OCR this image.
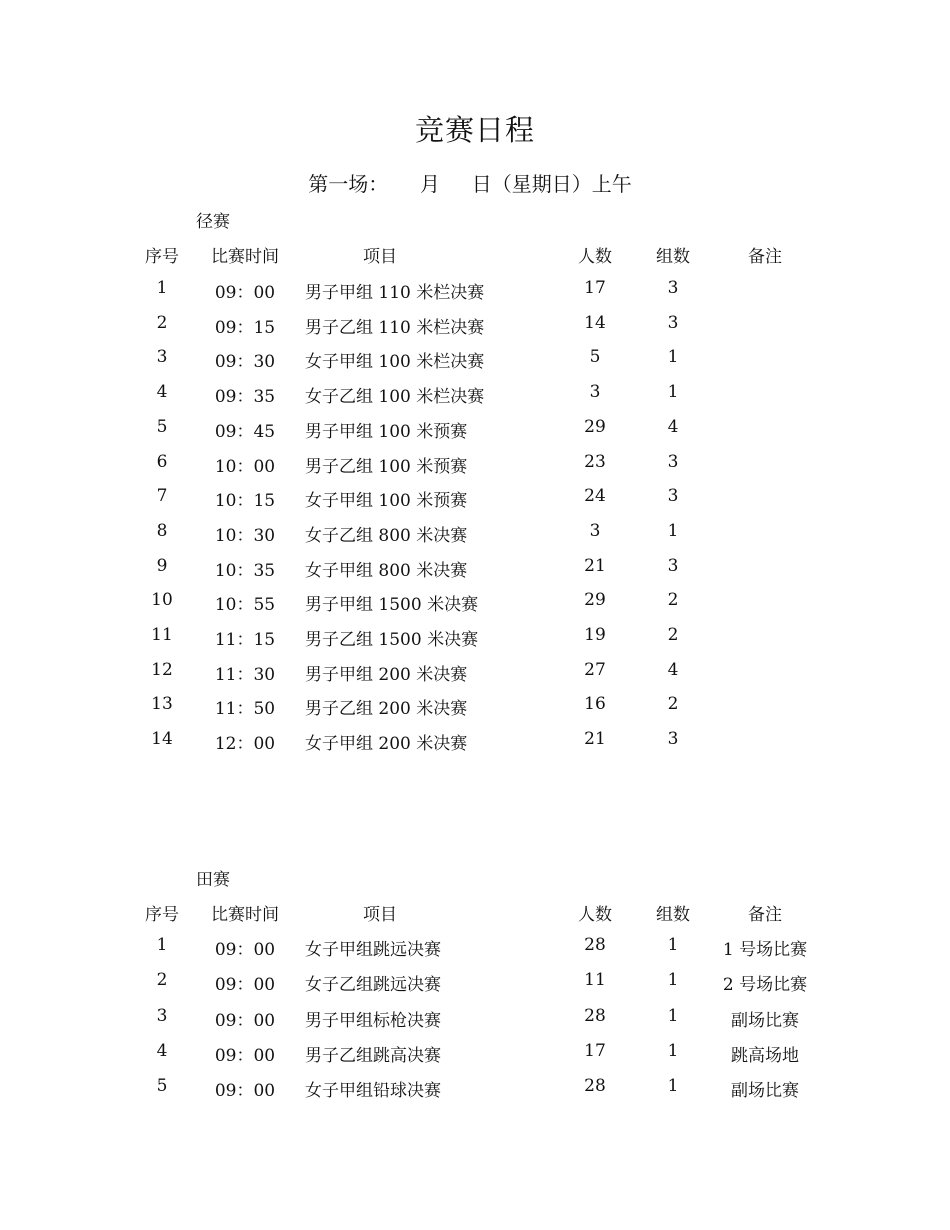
竞赛日程
第一场：     月     日（星期日）上午
径赛
序号	比赛时间	项目	人数	组数	备注
1	09：00	男子甲组 110 米栏决赛	17	3
2	09：15	男子乙组 110 米栏决赛	14	3
3	09：30	女子甲组 100 米栏决赛	5	1
4	09：35	女子乙组 100 米栏决赛	3	1
5	09：45	男子甲组 100 米预赛	29	4
6	10：00	男子乙组 100 米预赛	23	3
7	10：15	女子甲组 100 米预赛	24	3
8	10：30	女子乙组 800 米决赛	3	1
9	10：35	女子甲组 800 米决赛	21	3
10	10：55	男子甲组 1500 米决赛	29	2
11	11：15	男子乙组 1500 米决赛	19	2
12	11：30	男子甲组 200 米决赛	27	4
13	11：50	男子乙组 200 米决赛	16	2
14	12：00	女子甲组 200 米决赛	21	3
田赛
序号	比赛时间	项目	人数	组数	备注
1	09：00	女子甲组跳远决赛	28	1	1 号场比赛
2	09：00	女子乙组跳远决赛	11	1	2 号场比赛
3	09：00	男子甲组标枪决赛	28	1	副场比赛
4	09：00	男子乙组跳高决赛	17	1	跳高场地
5	09：00	女子甲组铅球决赛	28	1	副场比赛
